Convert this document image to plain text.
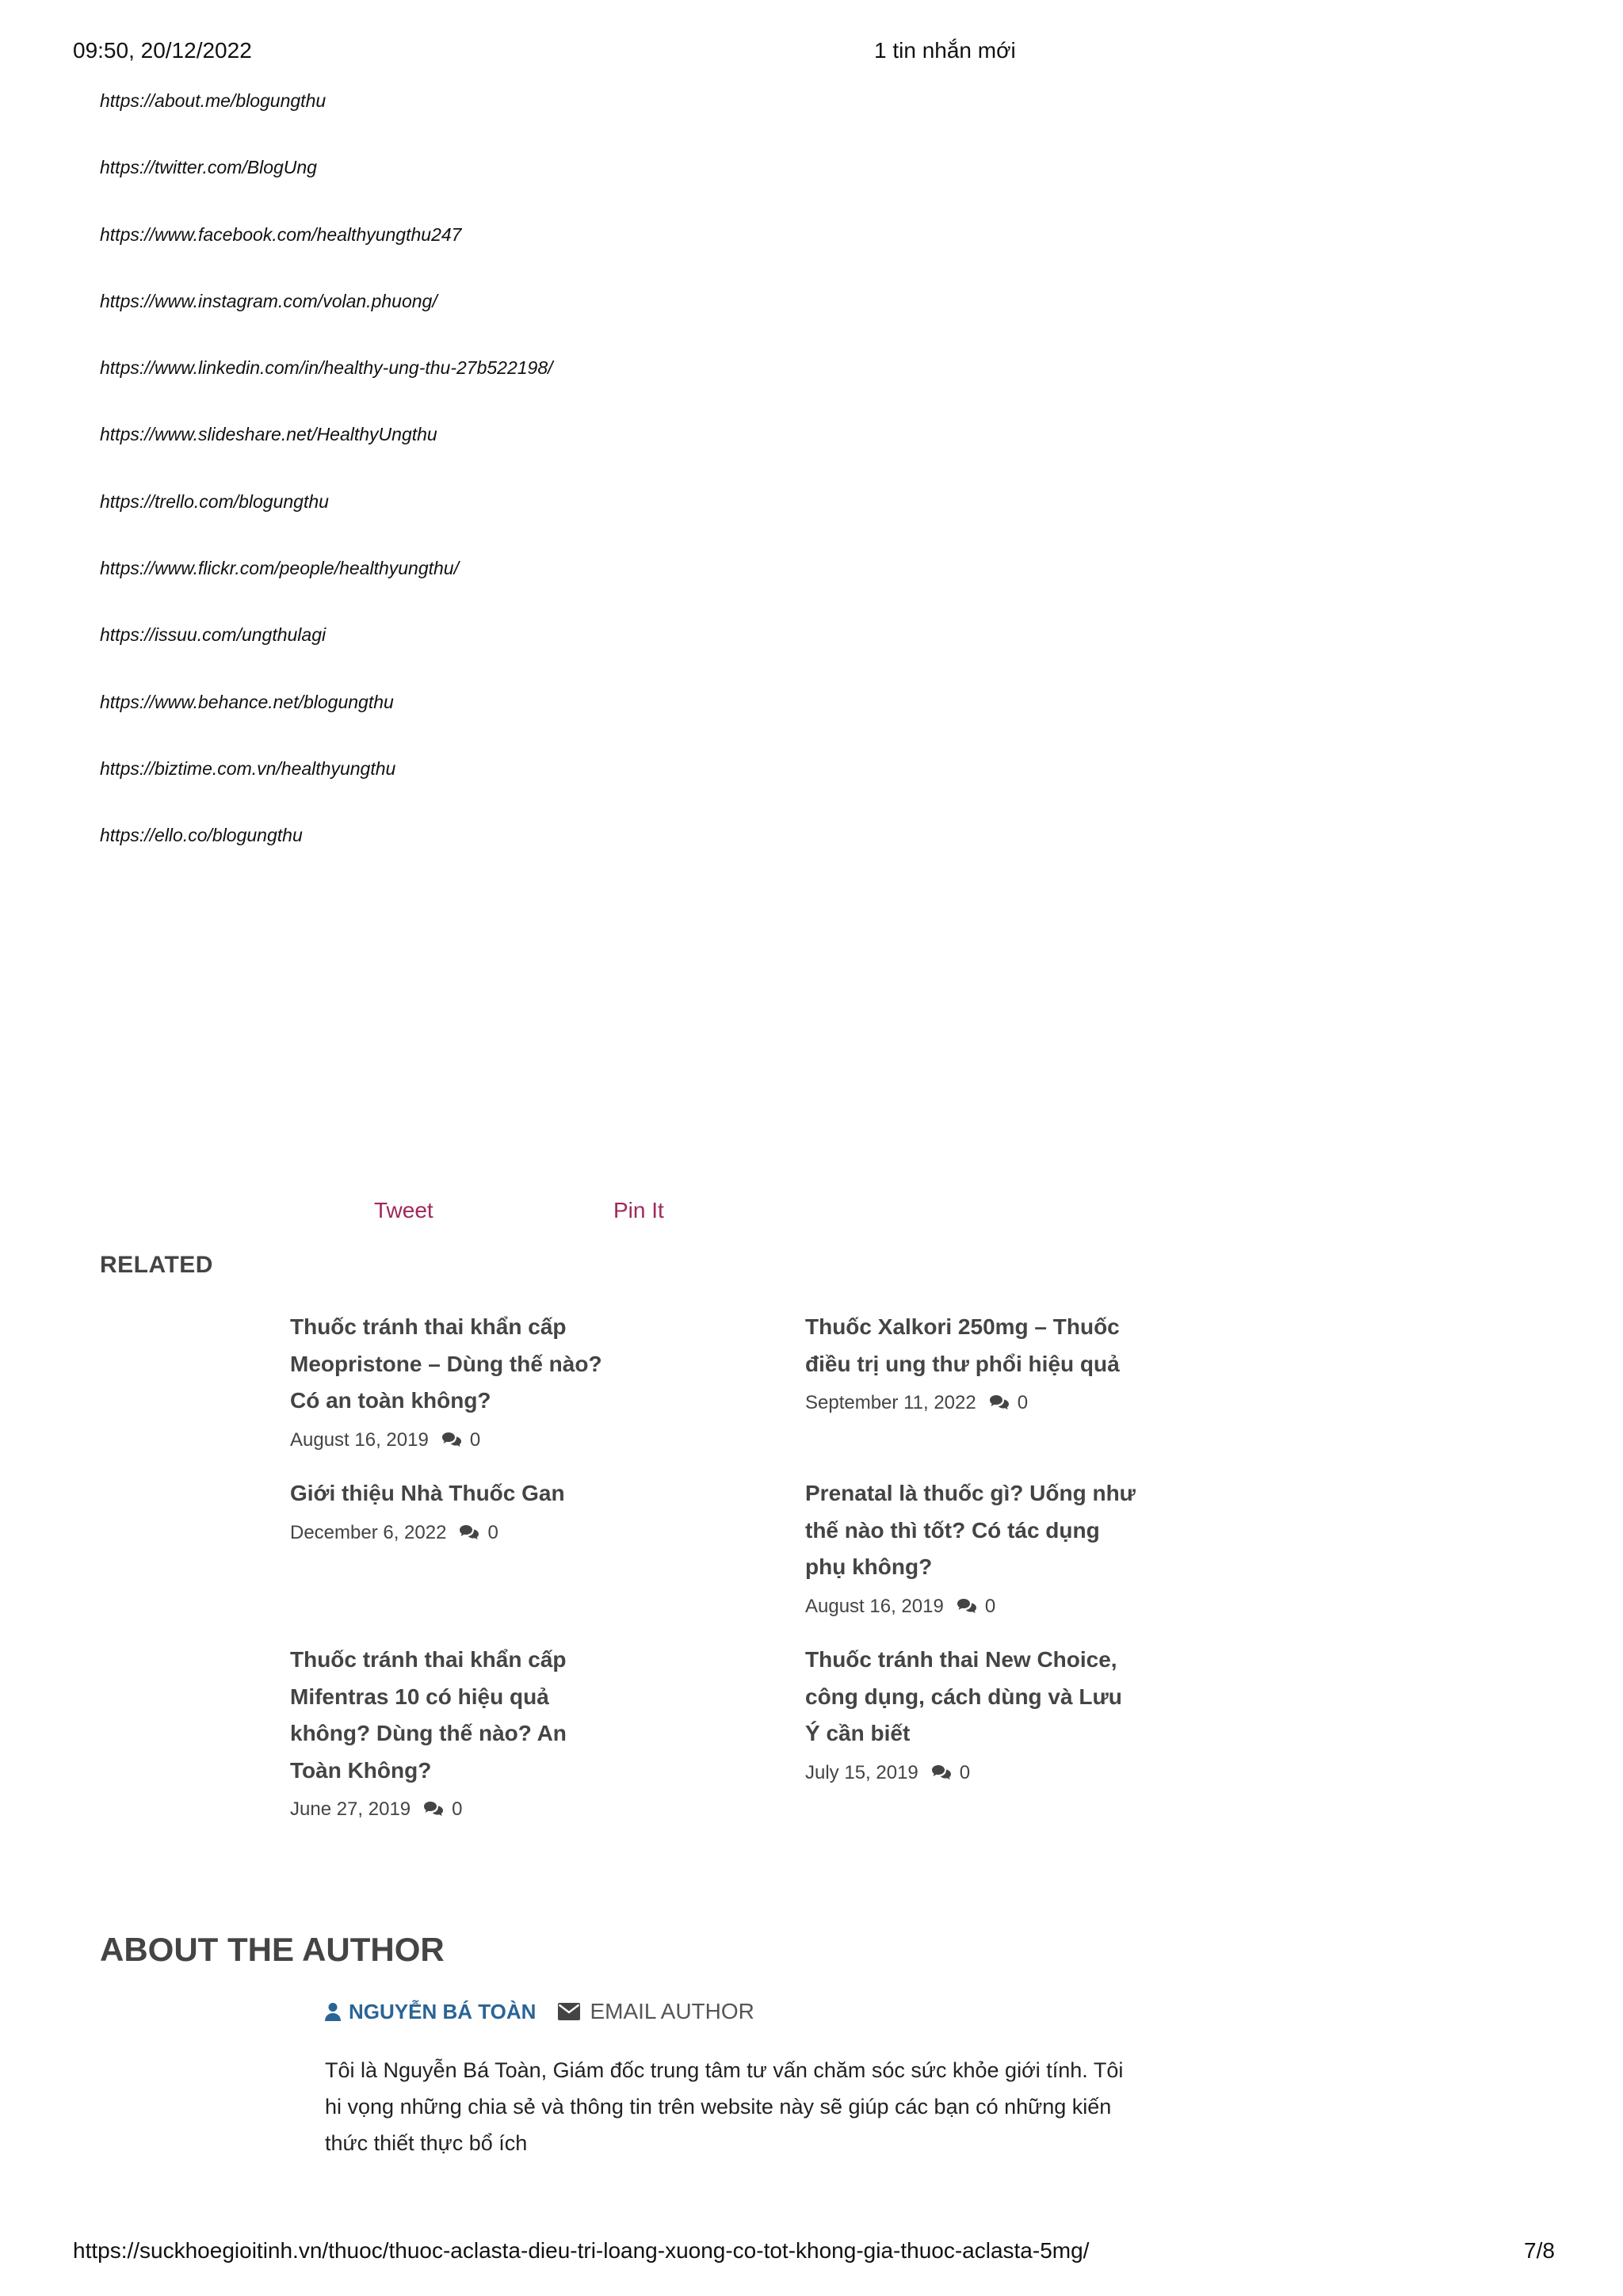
09:50, 20/12/2022	1 tin nhắn mới
https://about.me/blogungthu
https://twitter.com/BlogUng
https://www.facebook.com/healthyungthu247
https://www.instagram.com/volan.phuong/
https://www.linkedin.com/in/healthy-ung-thu-27b522198/
https://www.slideshare.net/HealthyUngthu
https://trello.com/blogungthu
https://www.flickr.com/people/healthyungthu/
https://issuu.com/ungthulagi
https://www.behance.net/blogungthu
https://biztime.com.vn/healthyungthu
https://ello.co/blogungthu
Tweet	Pin It
RELATED
Thuốc tránh thai khẩn cấp Meopristone – Dùng thế nào? Có an toàn không?
August 16, 2019 0
Thuốc Xalkori 250mg – Thuốc điều trị ung thư phổi hiệu quả
September 11, 2022 0
Giới thiệu Nhà Thuốc Gan
December 6, 2022 0
Prenatal là thuốc gì? Uống như thế nào thì tốt? Có tác dụng phụ không?
August 16, 2019 0
Thuốc tránh thai khẩn cấp Mifentras 10 có hiệu quả không? Dùng thế nào? An Toàn Không?
June 27, 2019 0
Thuốc tránh thai New Choice, công dụng, cách dùng và Lưu Ý cần biết
July 15, 2019 0
ABOUT THE AUTHOR
NGUYỄN BÁ TOÀN EMAIL AUTHOR
Tôi là Nguyễn Bá Toàn, Giám đốc trung tâm tư vấn chăm sóc sức khỏe giới tính. Tôi hi vọng những chia sẻ và thông tin trên website này sẽ giúp các bạn có những kiến thức thiết thực bổ ích
https://suckhoegioitinh.vn/thuoc/thuoc-aclasta-dieu-tri-loang-xuong-co-tot-khong-gia-thuoc-aclasta-5mg/	7/8
